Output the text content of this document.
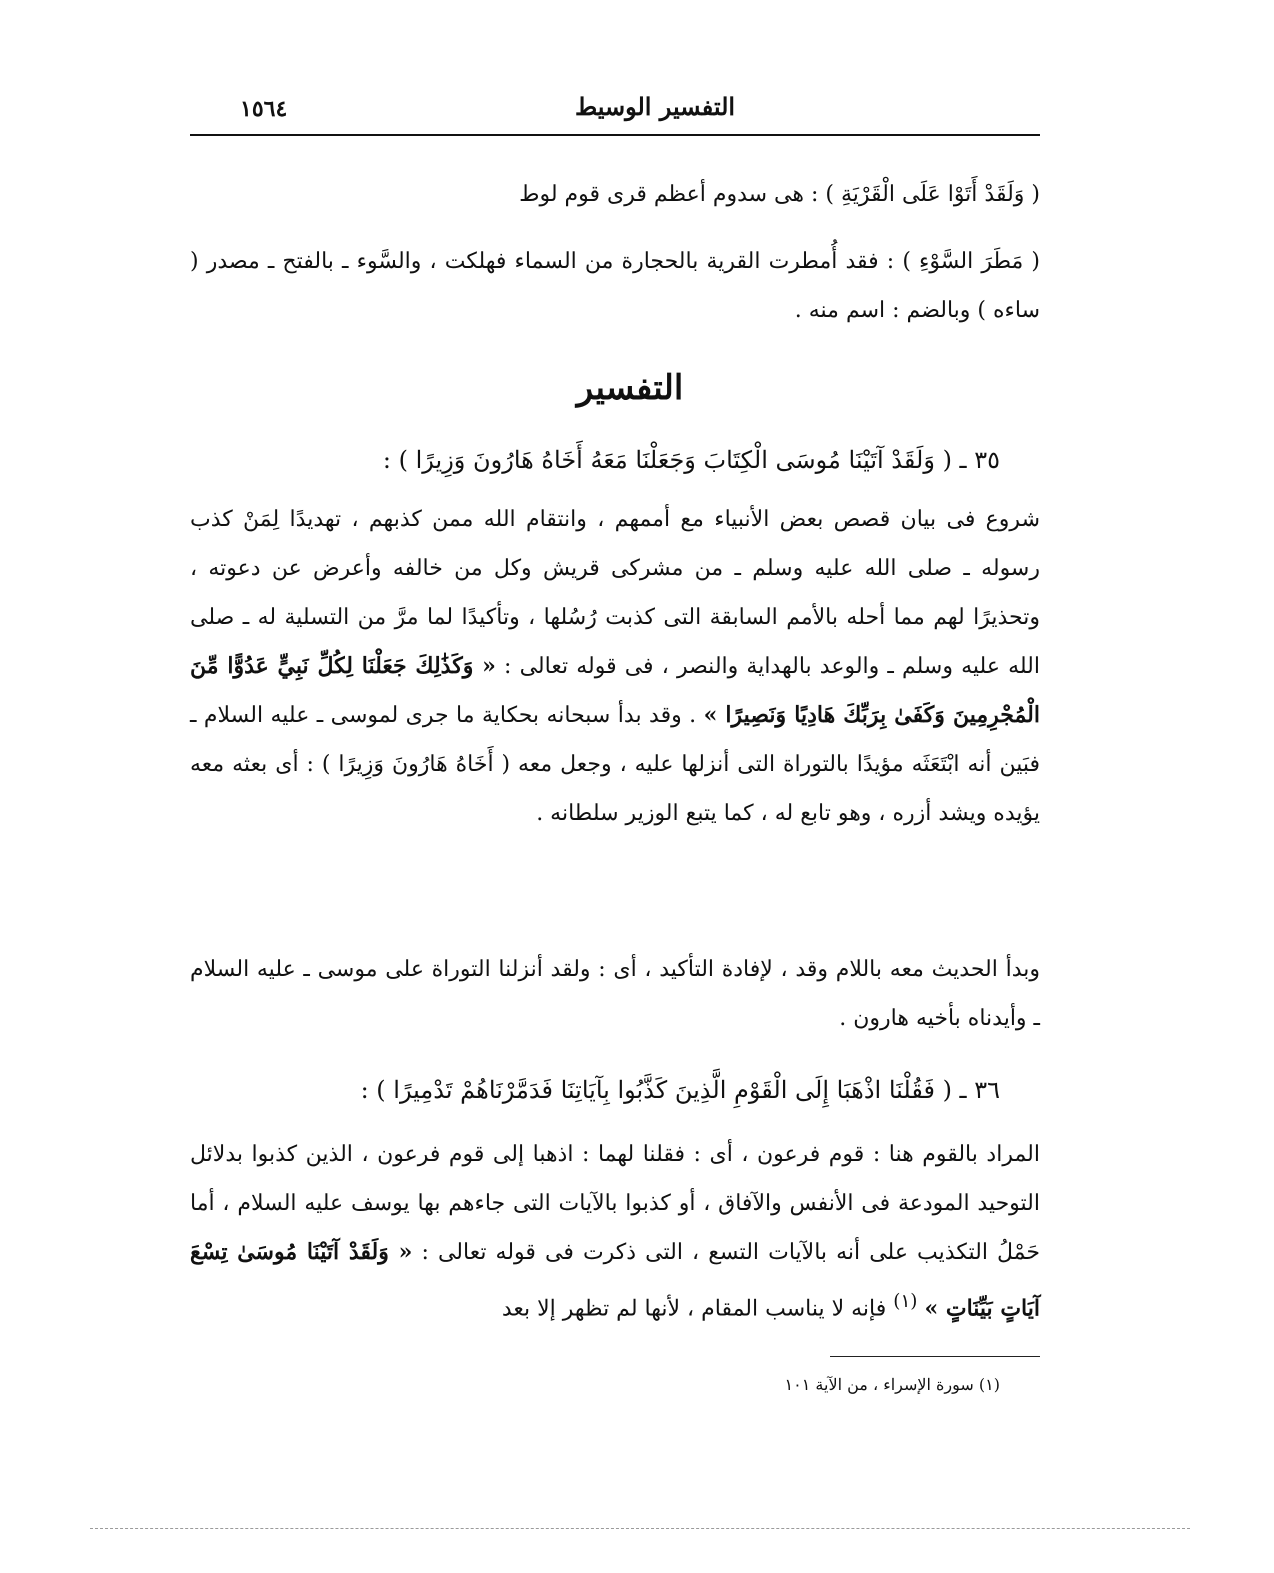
١٥٦٤	التفسير الوسيط
( وَلَقَدْ أَتَوْا عَلَى الْقَرْيَةِ ) : هى سدوم أعظم قرى قوم لوط
( مَطَرَ السَّوْءِ ) : فقد أُمطرت القرية بالحجارة من السماء فهلكت ، والسَّوء ـ بالفتح ـ مصدر ( ساءه ) وبالضم : اسم منه .
التفسير
٣٥ ـ ( وَلَقَدْ آتَيْنَا مُوسَى الْكِتَابَ وَجَعَلْنَا مَعَهُ أَخَاهُ هَارُونَ وَزِيرًا ) :
شروع فى بيان قصص بعض الأنبياء مع أممهم ، وانتقام الله ممن كذبهم ، تهديدًا لِمَنْ كذب رسوله ـ صلى الله عليه وسلم ـ من مشركى قريش وكل من خالفه وأعرض عن دعوته ، وتحذيرًا لهم مما أحله بالأمم السابقة التى كذبت رُسُلها ، وتأكيدًا لما مرَّ من التسلية له ـ صلى الله عليه وسلم ـ والوعد بالهداية والنصر ، فى قوله تعالى : « وَكَذَٰلِكَ جَعَلْنَا لِكُلِّ نَبِيٍّ عَدُوًّا مِّنَ الْمُجْرِمِينَ وَكَفَىٰ بِرَبِّكَ هَادِيًا وَنَصِيرًا » . وقد بدأ سبحانه بحكاية ما جرى لموسى ـ عليه السلام ـ فبَين أنه ابْتَعَثَه مؤيدًا بالتوراة التى أنزلها عليه ، وجعل معه ( أَخَاهُ هَارُونَ وَزِيرًا ) : أى بعثه معه يؤيده ويشد أزره ، وهو تابع له ، كما يتبع الوزير سلطانه .
وبدأ الحديث معه باللام وقد ، لإفادة التأكيد ، أى : ولقد أنزلنا التوراة على موسى ـ عليه السلام ـ وأيدناه بأخيه هارون .
٣٦ ـ ( فَقُلْنَا اذْهَبَا إِلَى الْقَوْمِ الَّذِينَ كَذَّبُوا بِآيَاتِنَا فَدَمَّرْنَاهُمْ تَدْمِيرًا ) :
المراد بالقوم هنا : قوم فرعون ، أى : فقلنا لهما : اذهبا إلى قوم فرعون ، الذين كذبوا بدلائل التوحيد المودعة فى الأنفس والآفاق ، أو كذبوا بالآيات التى جاءهم بها يوسف عليه السلام ، أما حَمْلُ التكذيب على أنه بالآيات التسع ، التى ذكرت فى قوله تعالى : « وَلَقَدْ آتَيْنَا مُوسَىٰ تِسْعَ آيَاتٍ بَيِّنَاتٍ » $^{(١)}$ فإنه لا يناسب المقام ، لأنها لم تظهر إلا بعد
(١) سورة الإسراء ، من الآية ١٠١
